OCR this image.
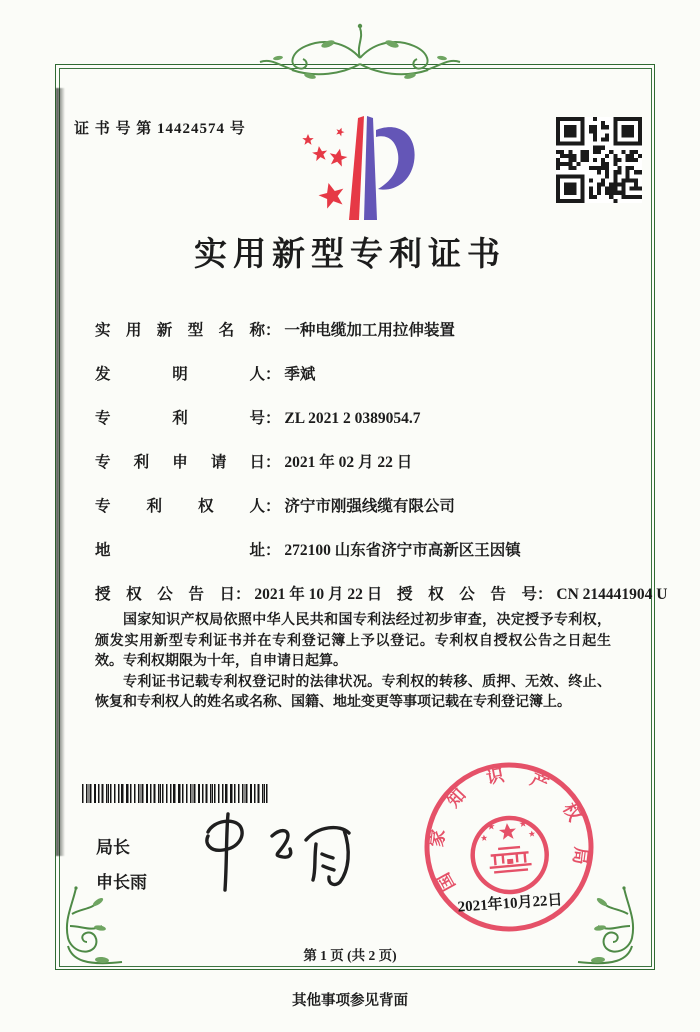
证 书 号 第 14424574 号
实用新型专利证书
实用新型名称： 一种电缆加工用拉伸装置
发明人： 季斌
专利号： ZL 2021 2 0389054.7
专利申请日： 2021 年 02 月 22 日
专利权人： 济宁市刚强线缆有限公司
地址： 272100 山东省济宁市高新区王因镇
授权公告日： 2021 年 10 月 22 日 授权公告号： CN 214441904 U

国家知识产权局依照中华人民共和国专利法经过初步审查，决定授予专利权，颁发实用新型专利证书并在专利登记簿上予以登记。专利权自授权公告之日起生效。专利权期限为十年，自申请日起算。

专利证书记载专利权登记时的法律状况。专利权的转移、质押、无效、终止、恢复和专利权人的姓名或名称、国籍、地址变更等事项记载在专利登记簿上。

局长
申长雨	国家知识产权局
2021年10月22日
第 1 页 (共 2 页)
其他事项参见背面
